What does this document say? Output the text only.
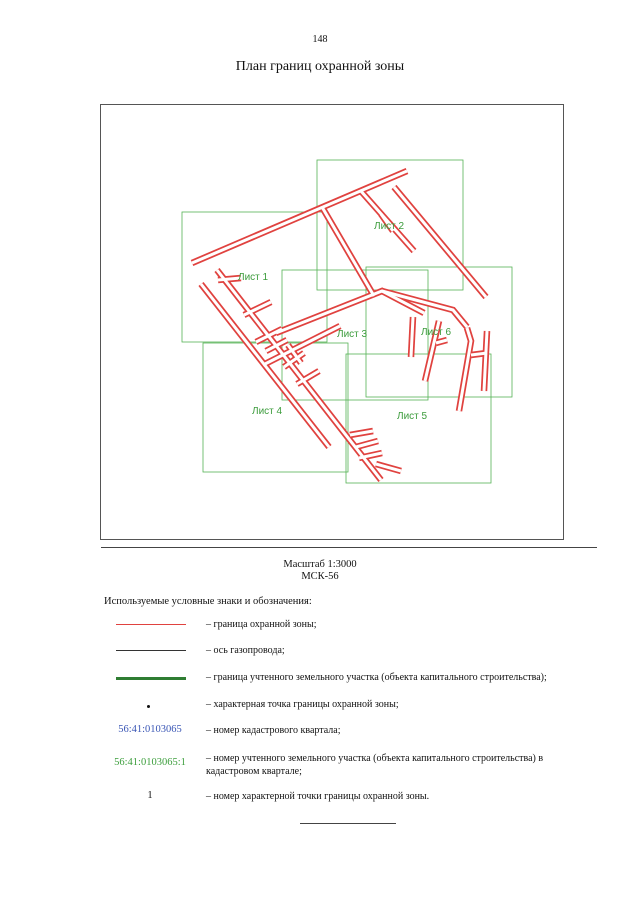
148
План границ охранной зоны
Лист 1
Лист 2
Лист 3
Лист 4	Лист 5
Лист 6
Масштаб 1:3000
МСК-56
Используемые условные знаки и обозначения:
– граница охранной зоны;
– ось газопровода;
– граница учтенного земельного участка (объекта капитального строительства);
– характерная точка границы охранной зоны;
56:41:0103065	– номер кадастрового квартала;
56:41:0103065:1	– номер учтенного земельного участка (объекта капитального строительства) в кадастровом квартале;
1	– номер характерной точки границы охранной зоны.
